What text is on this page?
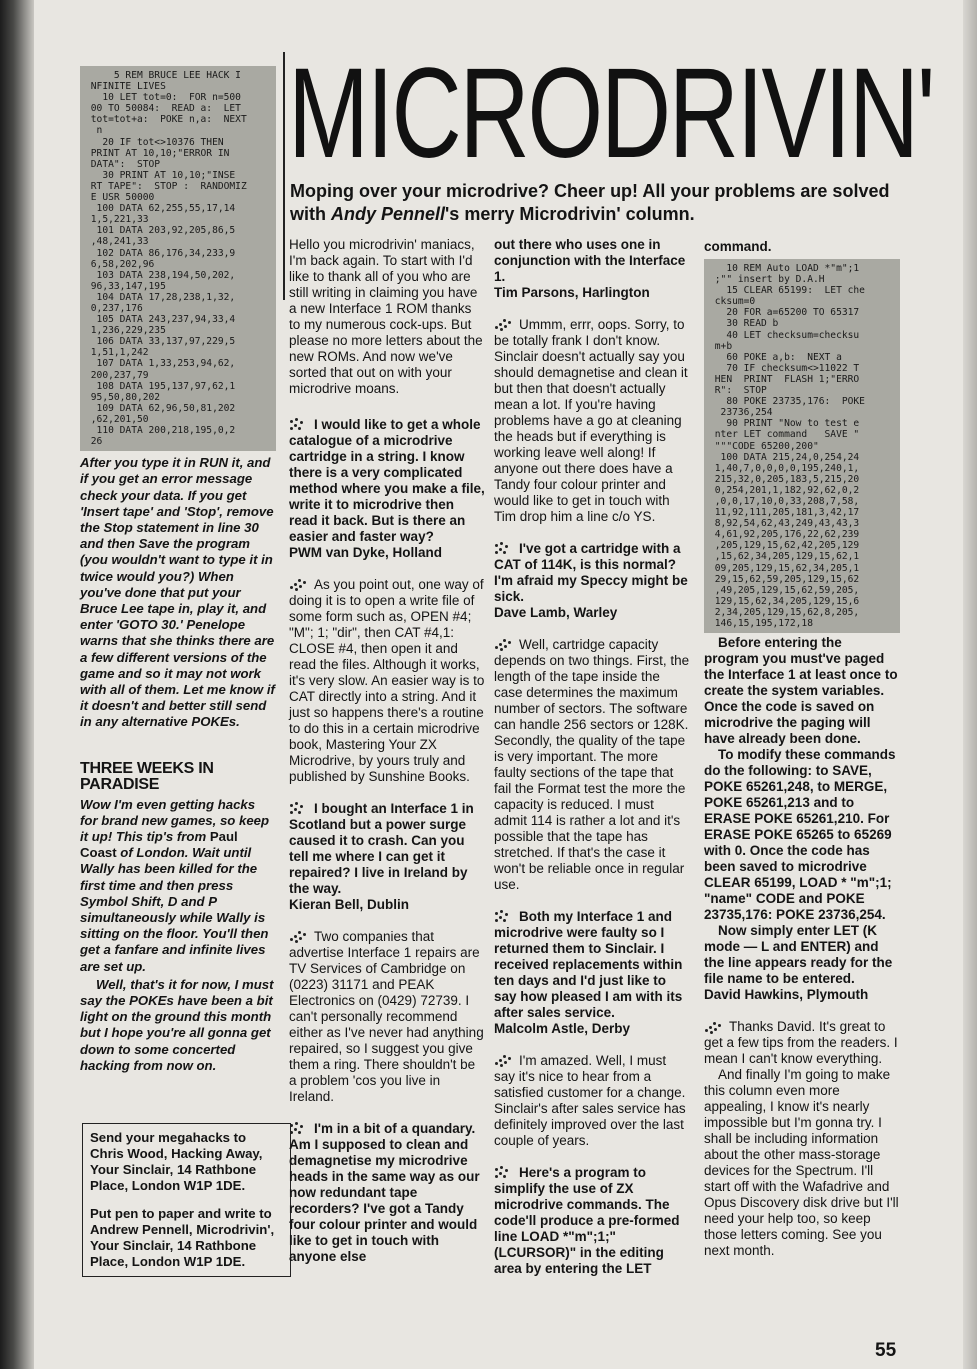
5 REM BRUCE LEE HACK I
NFINITE LIVES
10 LET tot=0:  FOR n=500
00 TO 50084:  READ a:  LET
tot=tot+a:  POKE n,a:  NEXT
n
20 IF tot<>10376 THEN
PRINT AT 10,10;"ERROR IN
DATA":  STOP
30 PRINT AT 10,10;"INSE
RT TAPE":  STOP :  RANDOMIZ
E USR 50000
100 DATA 62,255,55,17,14
1,5,221,33
101 DATA 203,92,205,86,5
,48,241,33
102 DATA 86,176,34,233,9
6,58,202,96
103 DATA 238,194,50,202,
96,33,147,195
104 DATA 17,28,238,1,32,
0,237,176
105 DATA 243,237,94,33,4
1,236,229,235
106 DATA 33,137,97,229,5
1,51,1,242
107 DATA 1,33,253,94,62,
200,237,79
108 DATA 195,137,97,62,1
95,50,80,202
109 DATA 62,96,50,81,202
,62,201,50
110 DATA 200,218,195,0,2
26
After you type it in RUN it, and if you get an error message check your data. If you get 'Insert tape' and 'Stop', remove the Stop statement in line 30 and then Save the program (you wouldn't want to type it in twice would you?) When you've done that put your Bruce Lee tape in, play it, and enter 'GOTO 30.' Penelope warns that she thinks there are a few different versions of the game and so it may not work with all of them. Let me know if it doesn't and better still send in any alternative POKEs.
THREE WEEKS IN PARADISE
Wow I'm even getting hacks for brand new games, so keep it up! This tip's from Paul Coast of London. Wait until Wally has been killed for the first time and then press Symbol Shift, D and P simultaneously while Wally is sitting on the floor. You'll then get a fanfare and infinite lives are set up.
Well, that's it for now, I must say the POKEs have been a bit light on the ground this month but I hope you're all gonna get down to some concerted hacking from now on.
Send your megahacks to Chris Wood, Hacking Away, Your Sinclair, 14 Rathbone Place, London W1P 1DE.
Put pen to paper and write to Andrew Pennell, Microdrivin', Your Sinclair, 14 Rathbone Place, London W1P 1DE.
MICRODRIVIN'
Moping over your microdrive? Cheer up! All your problems are solved with Andy Pennell's merry Microdrivin' column.
Hello you microdrivin' maniacs, I'm back again. To start with I'd like to thank all of you who are still writing in claiming you have a new Interface 1 ROM thanks to my numerous cock-ups. But please no more letters about the new ROMs. And now we've sorted that out on with your microdrive moans.
I would like to get a whole catalogue of a microdrive cartridge in a string. I know there is a very complicated method where you make a file, write it to microdrive then read it back. But is there an easier and faster way?
PWM van Dyke, Holland
As you point out, one way of doing it is to open a write file of some form such as, OPEN #4; "M"; 1; "dir", then CAT #4,1: CLOSE #4, then open it and read the files. Although it works, it's very slow. An easier way is to CAT directly into a string. And it just so happens there's a routine to do this in a certain microdrive book, Mastering Your ZX Microdrive, by yours truly and published by Sunshine Books.
I bought an Interface 1 in Scotland but a power surge caused it to crash. Can you tell me where I can get it repaired? I live in Ireland by the way.
Kieran Bell, Dublin
Two companies that advertise Interface 1 repairs are TV Services of Cambridge on (0223) 31171 and PEAK Electronics on (0429) 72739. I can't personally recommend either as I've never had anything repaired, so I suggest you give them a ring. There shouldn't be a problem 'cos you live in Ireland.
I'm in a bit of a quandary. Am I supposed to clean and demagnetise my microdrive heads in the same way as our now redundant tape recorders? I've got a Tandy four colour printer and would like to get in touch with anyone else
out there who uses one in conjunction with the Interface 1.
Tim Parsons, Harlington
Ummm, errr, oops. Sorry, to be totally frank I don't know. Sinclair doesn't actually say you should demagnetise and clean it but then that doesn't actually mean a lot. If you're having problems have a go at cleaning the heads but if everything is working leave well along! If anyone out there does have a Tandy four colour printer and would like to get in touch with Tim drop him a line c/o YS.
I've got a cartridge with a CAT of 114K, is this normal? I'm afraid my Speccy might be sick.
Dave Lamb, Warley
Well, cartridge capacity depends on two things. First, the length of the tape inside the case determines the maximum number of sectors. The software can handle 256 sectors or 128K. Secondly, the quality of the tape is very important. The more faulty sections of the tape that fail the Format test the more the capacity is reduced. I must admit 114 is rather a lot and it's possible that the tape has stretched. If that's the case it won't be reliable once in regular use.
Both my Interface 1 and microdrive were faulty so I returned them to Sinclair. I received replacements within ten days and I'd just like to say how pleased I am with its after sales service.
Malcolm Astle, Derby
I'm amazed. Well, I must say it's nice to hear from a satisfied customer for a change. Sinclair's after sales service has definitely improved over the last couple of years.
Here's a program to simplify the use of ZX microdrive commands. The code'll produce a pre-formed line LOAD *"m";1;" (LCURSOR)" in the editing area by entering the LET
command.
10 REM Auto LOAD *"m";1
;"" insert by D.A.H
15 CLEAR 65199:  LET che
cksum=0
20 FOR a=65200 TO 65317
30 READ b
40 LET checksum=checksu
m+b
60 POKE a,b:  NEXT a
70 IF checksum<>11022 T
HEN  PRINT  FLASH 1;"ERRO
R":  STOP
80 POKE 23735,176:  POKE
23736,254
90 PRINT "Now to test e
nter LET command   SAVE "
"""CODE 65200,200"
100 DATA 215,24,0,254,24
1,40,7,0,0,0,0,195,240,1,
215,32,0,205,183,5,215,20
0,254,201,1,182,92,62,0,2
,0,0,17,10,0,33,208,7,58,
11,92,111,205,181,3,42,17
8,92,54,62,43,249,43,43,3
4,61,92,205,176,22,62,239
,205,129,15,62,42,205,129
,15,62,34,205,129,15,62,1
09,205,129,15,62,34,205,1
29,15,62,59,205,129,15,62
,49,205,129,15,62,59,205,
129,15,62,34,205,129,15,6
2,34,205,129,15,62,8,205,
146,15,195,172,18
Before entering the program you must've paged the Interface 1 at least once to create the system variables. Once the code is saved on microdrive the paging will have already been done.
To modify these commands do the following: to SAVE, POKE 65261,248, to MERGE, POKE 65261,213 and to ERASE POKE 65261,210. For ERASE POKE 65265 to 65269 with 0. Once the code has been saved to microdrive CLEAR 65199, LOAD * "m";1; "name" CODE and POKE 23735,176: POKE 23736,254.
Now simply enter LET (K mode — L and ENTER) and the line appears ready for the file name to be entered.
David Hawkins, Plymouth
Thanks David. It's great to get a few tips from the readers. I mean I can't know everything.
And finally I'm going to make this column even more appealing, I know it's nearly impossible but I'm gonna try. I shall be including information about the other mass-storage devices for the Spectrum. I'll start off with the Wafadrive and Opus Discovery disk drive but I'll need your help too, so keep those letters coming. See you next month.
55
